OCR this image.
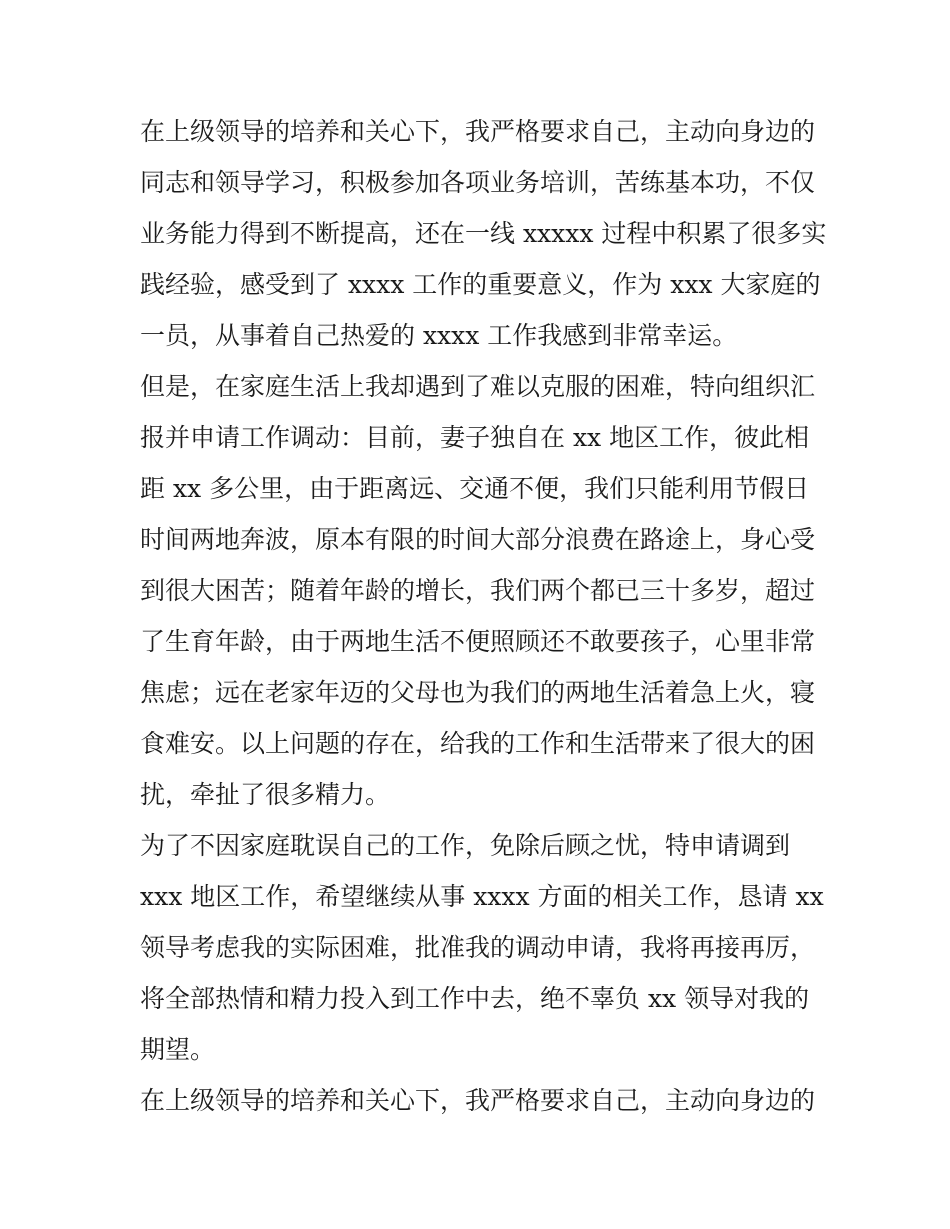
在上级领导的培养和关心下，我严格要求自己，主动向身边的
同志和领导学习，积极参加各项业务培训，苦练基本功，不仅
业务能力得到不断提高，还在一线 xxxxx 过程中积累了很多实
践经验，感受到了 xxxx 工作的重要意义，作为 xxx 大家庭的
一员，从事着自己热爱的 xxxx 工作我感到非常幸运。
但是，在家庭生活上我却遇到了难以克服的困难，特向组织汇
报并申请工作调动：目前，妻子独自在 xx 地区工作，彼此相
距 xx 多公里，由于距离远、交通不便，我们只能利用节假日
时间两地奔波，原本有限的时间大部分浪费在路途上，身心受
到很大困苦；随着年龄的增长，我们两个都已三十多岁，超过
了生育年龄，由于两地生活不便照顾还不敢要孩子，心里非常
焦虑；远在老家年迈的父母也为我们的两地生活着急上火，寝
食难安。以上问题的存在，给我的工作和生活带来了很大的困
扰，牵扯了很多精力。
为了不因家庭耽误自己的工作，免除后顾之忧，特申请调到
xxx 地区工作，希望继续从事 xxxx 方面的相关工作，恳请 xx
领导考虑我的实际困难，批准我的调动申请，我将再接再厉，
将全部热情和精力投入到工作中去，绝不辜负 xx 领导对我的
期望。
在上级领导的培养和关心下，我严格要求自己，主动向身边的
